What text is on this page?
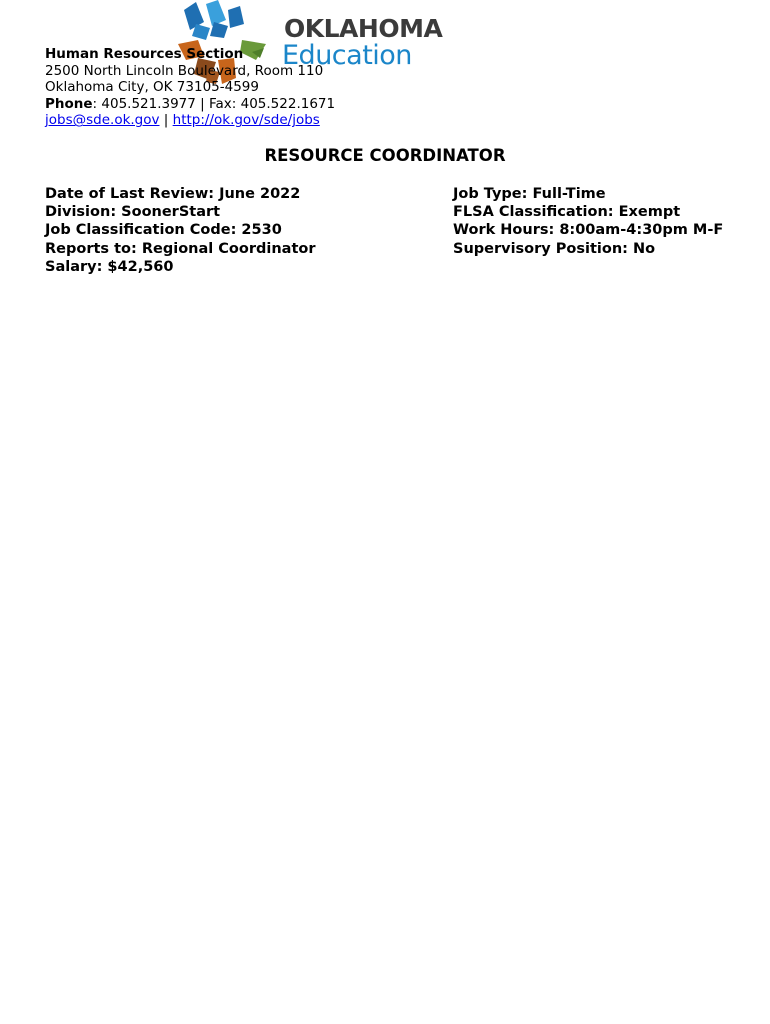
OKLAHOMA
Education
Human Resources Section
2500 North Lincoln Boulevard, Room 110
Oklahoma City, OK 73105-4599
Phone: 405.521.3977 | Fax: 405.522.1671
jobs@sde.ok.gov | http://ok.gov/sde/jobs
RESOURCE COORDINATOR
Date of Last Review: June 2022
Division: SoonerStart
Job Classification Code: 2530
Reports to: Regional Coordinator
Salary: $42,560
Job Type: Full-Time
FLSA Classification: Exempt
Work Hours: 8:00am-4:30pm M-F
Supervisory Position: No
